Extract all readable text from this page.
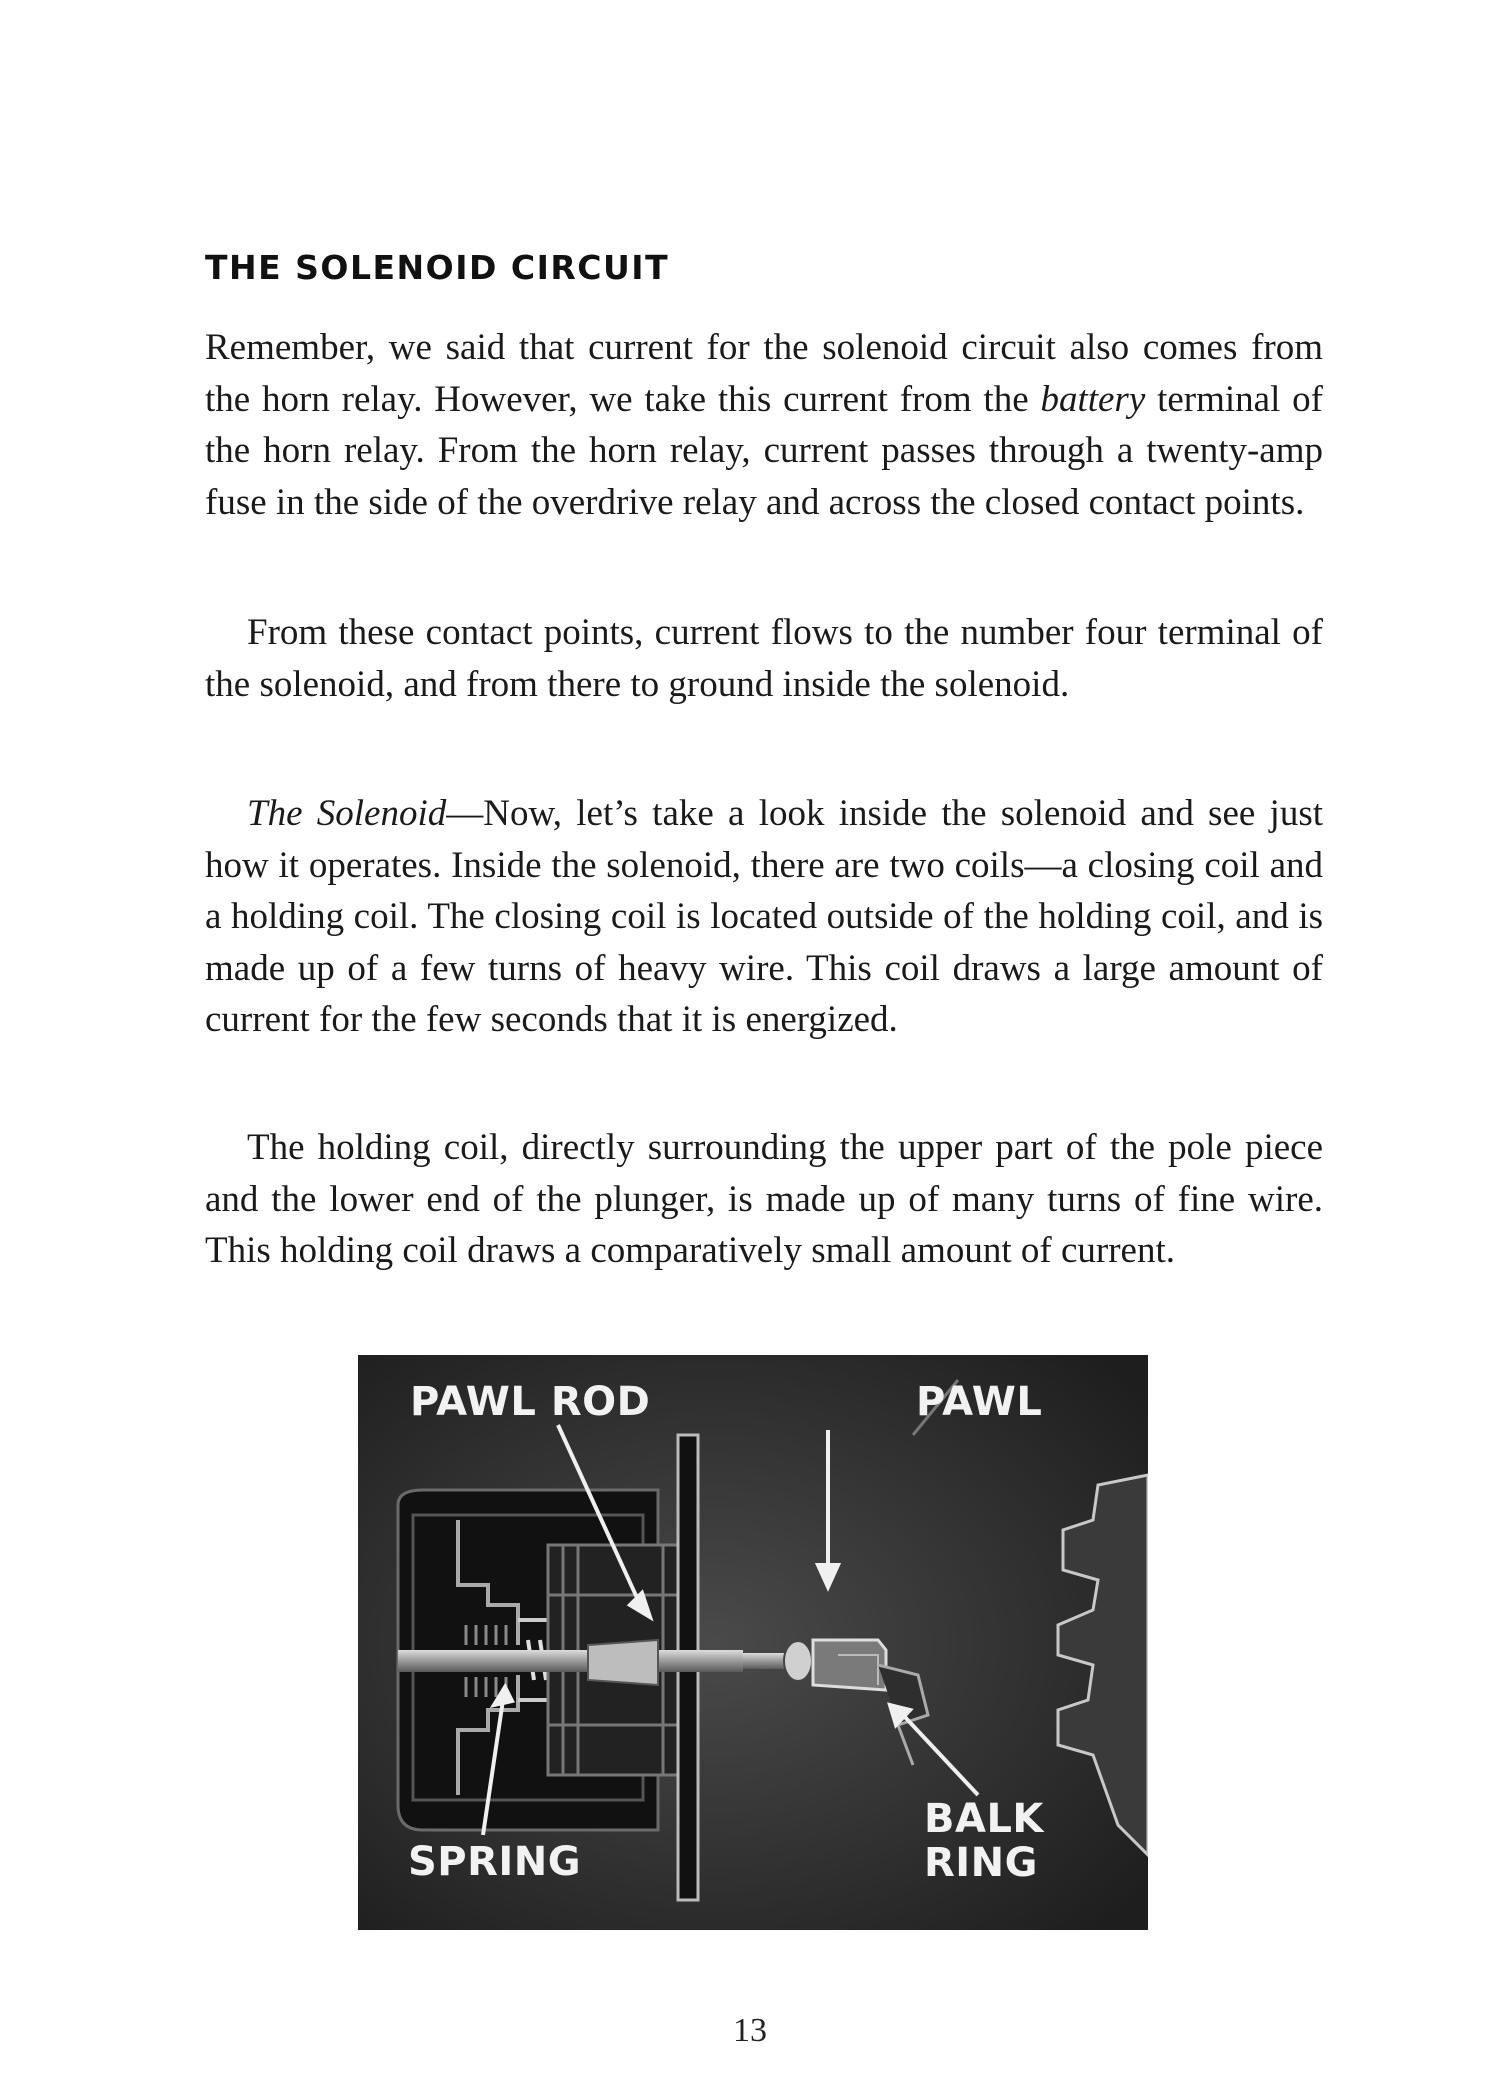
THE SOLENOID CIRCUIT

Remember, we said that current for the solenoid circuit also comes from the horn relay. However, we take this current from the battery terminal of the horn relay. From the horn relay, current passes through a twenty-amp fuse in the side of the overdrive relay and across the closed contact points.

From these contact points, current flows to the number four terminal of the solenoid, and from there to ground inside the solenoid.

The Solenoid—Now, let’s take a look inside the solenoid and see just how it operates. Inside the solenoid, there are two coils—a closing coil and a holding coil. The closing coil is located outside of the holding coil, and is made up of a few turns of heavy wire. This coil draws a large amount of current for the few seconds that it is energized.

The holding coil, directly surrounding the upper part of the pole piece and the lower end of the plunger, is made up of many turns of fine wire. This holding coil draws a comparatively small amount of current.

PAWL ROD	PAWL
SPRING
BALK
RING
13
